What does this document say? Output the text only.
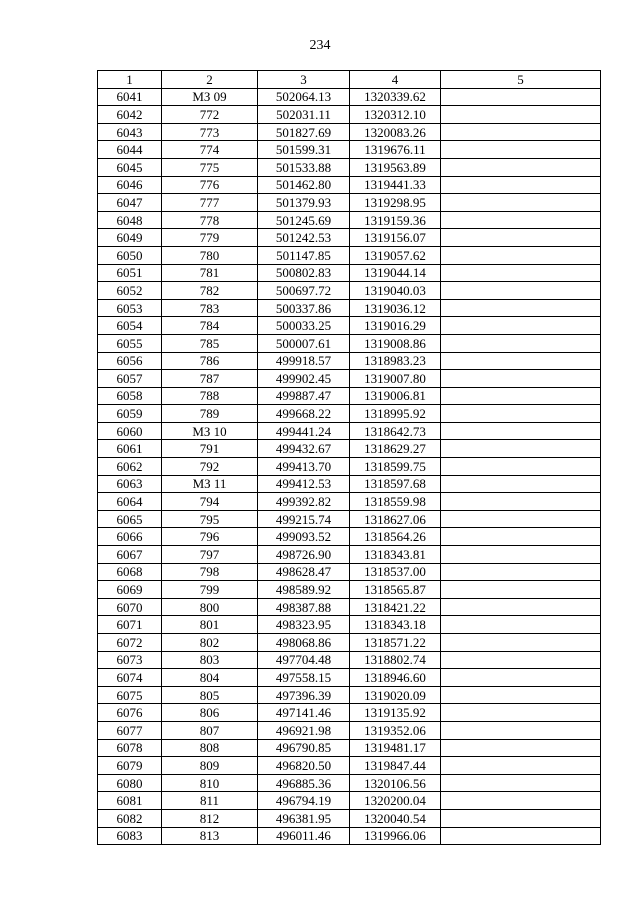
234
1	2	3	4	5
6041	МЗ 09	502064.13	1320339.62	
6042	772	502031.11	1320312.10	
6043	773	501827.69	1320083.26	
6044	774	501599.31	1319676.11	
6045	775	501533.88	1319563.89	
6046	776	501462.80	1319441.33	
6047	777	501379.93	1319298.95	
6048	778	501245.69	1319159.36	
6049	779	501242.53	1319156.07	
6050	780	501147.85	1319057.62	
6051	781	500802.83	1319044.14	
6052	782	500697.72	1319040.03	
6053	783	500337.86	1319036.12	
6054	784	500033.25	1319016.29	
6055	785	500007.61	1319008.86	
6056	786	499918.57	1318983.23	
6057	787	499902.45	1319007.80	
6058	788	499887.47	1319006.81	
6059	789	499668.22	1318995.92	
6060	МЗ 10	499441.24	1318642.73	
6061	791	499432.67	1318629.27	
6062	792	499413.70	1318599.75	
6063	МЗ 11	499412.53	1318597.68	
6064	794	499392.82	1318559.98	
6065	795	499215.74	1318627.06	
6066	796	499093.52	1318564.26	
6067	797	498726.90	1318343.81	
6068	798	498628.47	1318537.00	
6069	799	498589.92	1318565.87	
6070	800	498387.88	1318421.22	
6071	801	498323.95	1318343.18	
6072	802	498068.86	1318571.22	
6073	803	497704.48	1318802.74	
6074	804	497558.15	1318946.60	
6075	805	497396.39	1319020.09	
6076	806	497141.46	1319135.92	
6077	807	496921.98	1319352.06	
6078	808	496790.85	1319481.17	
6079	809	496820.50	1319847.44	
6080	810	496885.36	1320106.56	
6081	811	496794.19	1320200.04	
6082	812	496381.95	1320040.54	
6083	813	496011.46	1319966.06	
